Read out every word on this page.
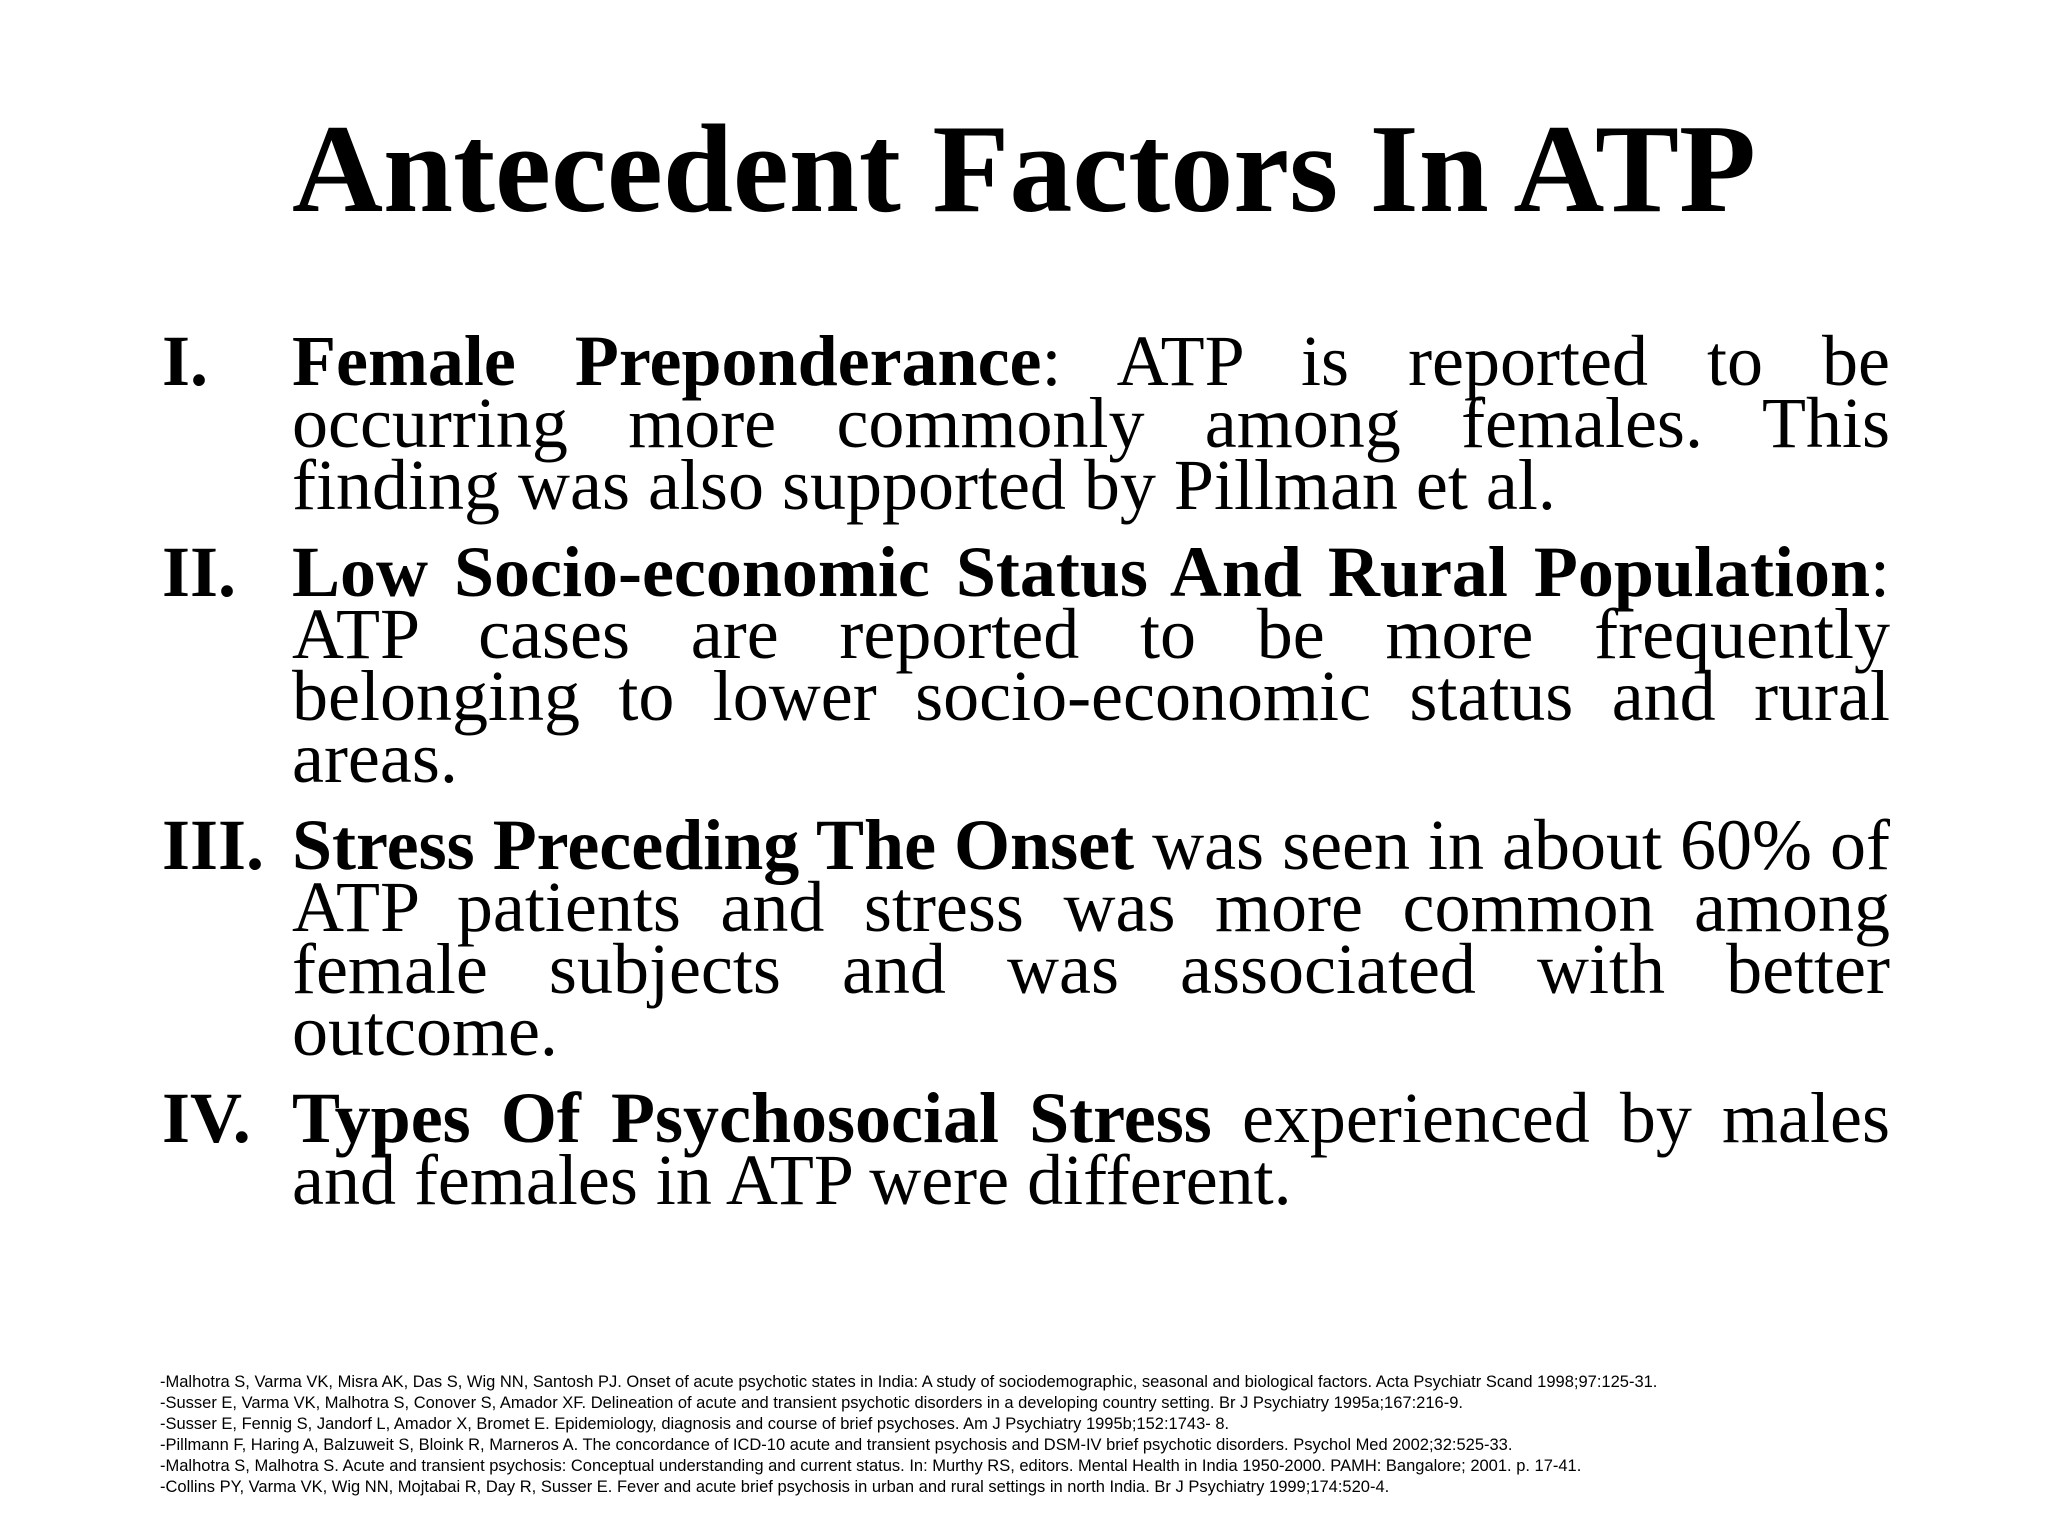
Antecedent Factors In ATP
I. Female Preponderance: ATP is reported to be occurring more commonly among females. This finding was also supported by Pillman et al.
II. Low Socio-economic Status And Rural Population: ATP cases are reported to be more frequently belonging to lower socio-economic status and rural areas.
III. Stress Preceding The Onset was seen in about 60% of ATP patients and stress was more common among female subjects and was associated with better outcome.
IV. Types Of Psychosocial Stress experienced by males and females in ATP were different.
-Malhotra S, Varma VK, Misra AK, Das S, Wig NN, Santosh PJ. Onset of acute psychotic states in India: A study of sociodemographic, seasonal and biological factors. Acta Psychiatr Scand 1998;97:125-31.
-Susser E, Varma VK, Malhotra S, Conover S, Amador XF. Delineation of acute and transient psychotic disorders in a developing country setting. Br J Psychiatry 1995a;167:216-9.
-Susser E, Fennig S, Jandorf L, Amador X, Bromet E. Epidemiology, diagnosis and course of brief psychoses. Am J Psychiatry 1995b;152:1743- 8.
-Pillmann F, Haring A, Balzuweit S, Bloink R, Marneros A. The concordance of ICD-10 acute and transient psychosis and DSM-IV brief psychotic disorders. Psychol Med 2002;32:525-33.
-Malhotra S, Malhotra S. Acute and transient psychosis: Conceptual understanding and current status. In: Murthy RS, editors. Mental Health in India 1950-2000. PAMH: Bangalore; 2001. p. 17-41.
-Collins PY, Varma VK, Wig NN, Mojtabai R, Day R, Susser E. Fever and acute brief psychosis in urban and rural settings in north India. Br J Psychiatry 1999;174:520-4.
